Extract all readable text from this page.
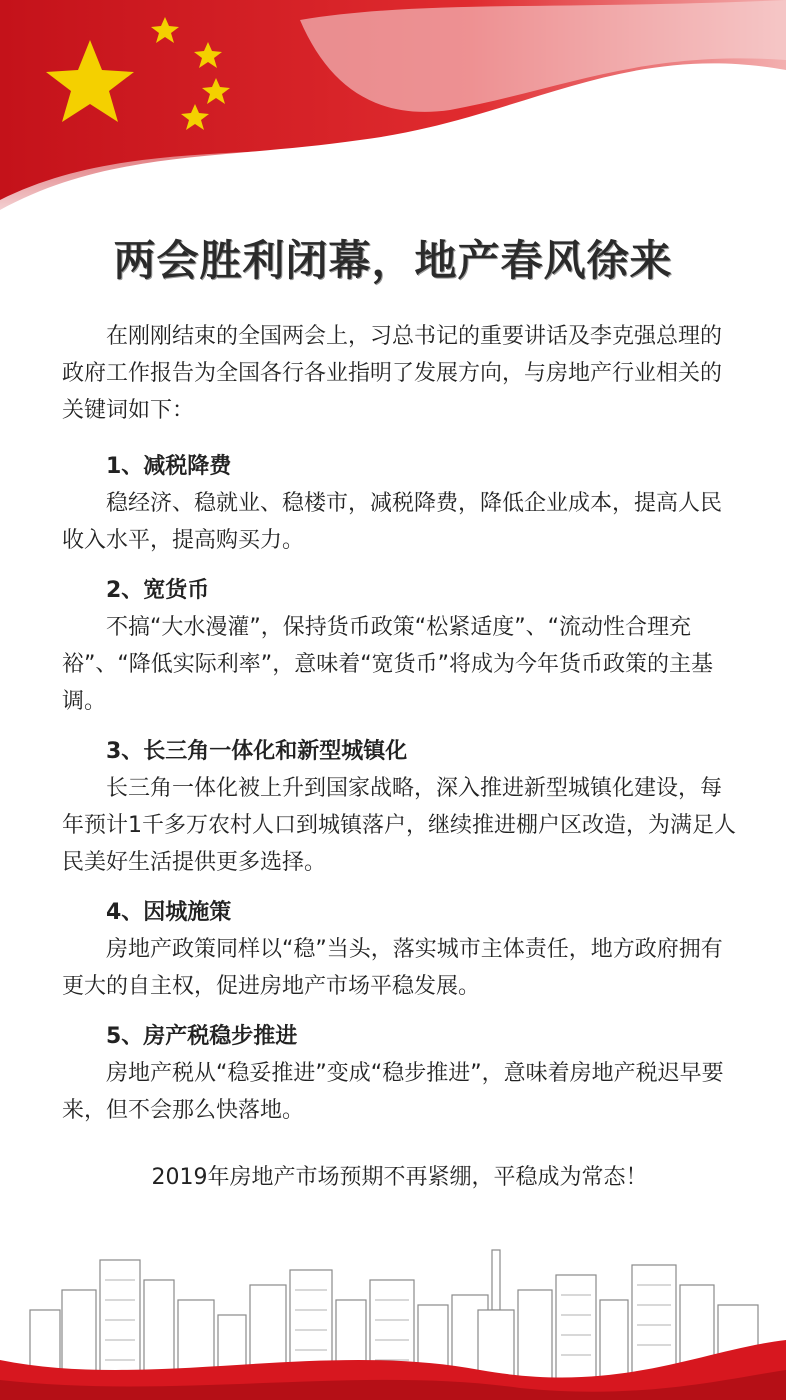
两会胜利闭幕，地产春风徐来

在刚刚结束的全国两会上，习总书记的重要讲话及李克强总理的政府工作报告为全国各行各业指明了发展方向，与房地产行业相关的关键词如下：

1、减税降费

稳经济、稳就业、稳楼市，减税降费，降低企业成本，提高人民收入水平，提高购买力。

2、宽货币

不搞“大水漫灌”，保持货币政策“松紧适度”、“流动性合理充裕”、“降低实际利率”，意味着“宽货币”将成为今年货币政策的主基调。

3、长三角一体化和新型城镇化

长三角一体化被上升到国家战略，深入推进新型城镇化建设，每年预计1千多万农村人口到城镇落户，继续推进棚户区改造，为满足人民美好生活提供更多选择。

4、因城施策

房地产政策同样以“稳”当头，落实城市主体责任，地方政府拥有更大的自主权，促进房地产市场平稳发展。

5、房产税稳步推进

房地产税从“稳妥推进”变成“稳步推进”，意味着房地产税迟早要来，但不会那么快落地。

2019年房地产市场预期不再紧绷，平稳成为常态！
